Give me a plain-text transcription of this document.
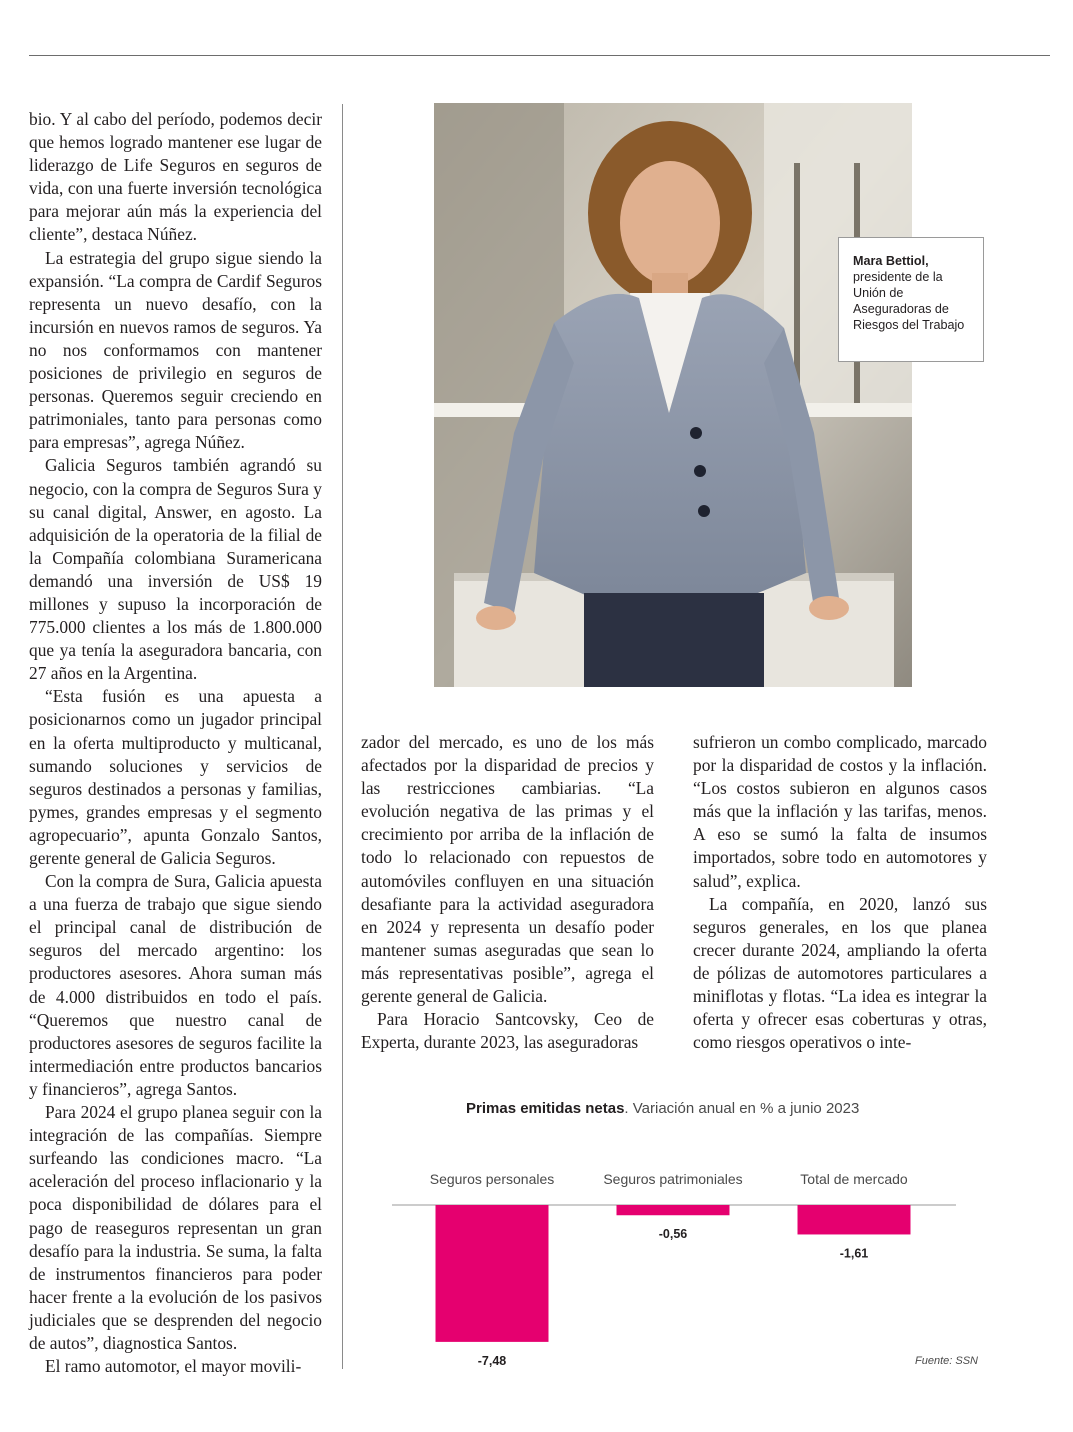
bio. Y al cabo del período, podemos decir que hemos logrado mantener ese lugar de liderazgo de Life Seguros en seguros de vida, con una fuerte inversión tecnológica para mejorar aún más la experiencia del cliente”, destaca Núñez.

La estrategia del grupo sigue siendo la expansión. “La compra de Cardif Seguros representa un nuevo desafío, con la incursión en nuevos ramos de seguros. Ya no nos conformamos con mantener posiciones de privilegio en seguros de personas. Queremos seguir creciendo en patrimoniales, tanto para personas como para empresas”, agrega Núñez.

Galicia Seguros también agrandó su negocio, con la compra de Seguros Sura y su canal digital, Answer, en agosto. La adquisición de la operatoria de la filial de la Compañía colombiana Suramericana demandó una inversión de US$ 19 millones y supuso la incorporación de 775.000 clientes a los más de 1.800.000 que ya tenía la aseguradora bancaria, con 27 años en la Argentina.

“Esta fusión es una apuesta a posicionarnos como un jugador principal en la oferta multiproducto y multicanal, sumando soluciones y servicios de seguros destinados a personas y familias, pymes, grandes empresas y el segmento agropecuario”, apunta Gonzalo Santos, gerente general de Galicia Seguros.

Con la compra de Sura, Galicia apuesta a una fuerza de trabajo que sigue siendo el principal canal de distribución de seguros del mercado argentino: los productores asesores. Ahora suman más de 4.000 distribuidos en todo el país. “Queremos que nuestro canal de productores asesores de seguros facilite la intermediación entre productos bancarios y financieros”, agrega Santos.

Para 2024 el grupo planea seguir con la integración de las compañías. Siempre surfeando las condiciones macro. “La aceleración del proceso inflacionario y la poca disponibilidad de dólares para el pago de reaseguros representan un gran desafío para la industria. Se suma, la falta de instrumentos financieros para poder hacer frente a la evolución de los pasivos judiciales que se desprenden del negocio de autos”, diagnostica Santos.

El ramo automotor, el mayor movili-

Mara Bettiol,
presidente de la Unión de Aseguradoras de Riesgos del Trabajo

zador del mercado, es uno de los más afectados por la disparidad de precios y las restricciones cambiarias. “La evolución negativa de las primas y el crecimiento por arriba de la inflación de todo lo relacionado con repuestos de automóviles confluyen en una situación desafiante para la actividad aseguradora en 2024 y representa un desafío poder mantener sumas aseguradas que sean lo más representativas posible”, agrega el gerente general de Galicia.

Para Horacio Santcovsky, Ceo de Experta, durante 2023, las aseguradoras

sufrieron un combo complicado, marcado por la disparidad de costos y la inflación. “Los costos subieron en algunos casos más que la inflación y las tarifas, menos. A eso se sumó la falta de insumos importados, sobre todo en automotores y salud”, explica.

La compañía, en 2020, lanzó sus seguros generales, en los que planea crecer durante 2024, ampliando la oferta de pólizas de automotores particulares a miniflotas y flotas. “La idea es integrar la oferta y ofrecer esas coberturas y otras, como riesgos operativos o inte-

Primas emitidas netas. Variación anual en % a junio 2023
Seguros personales	Seguros patrimoniales	Total de mercado
-7,48
-0,56
-1,61
Fuente: SSN
